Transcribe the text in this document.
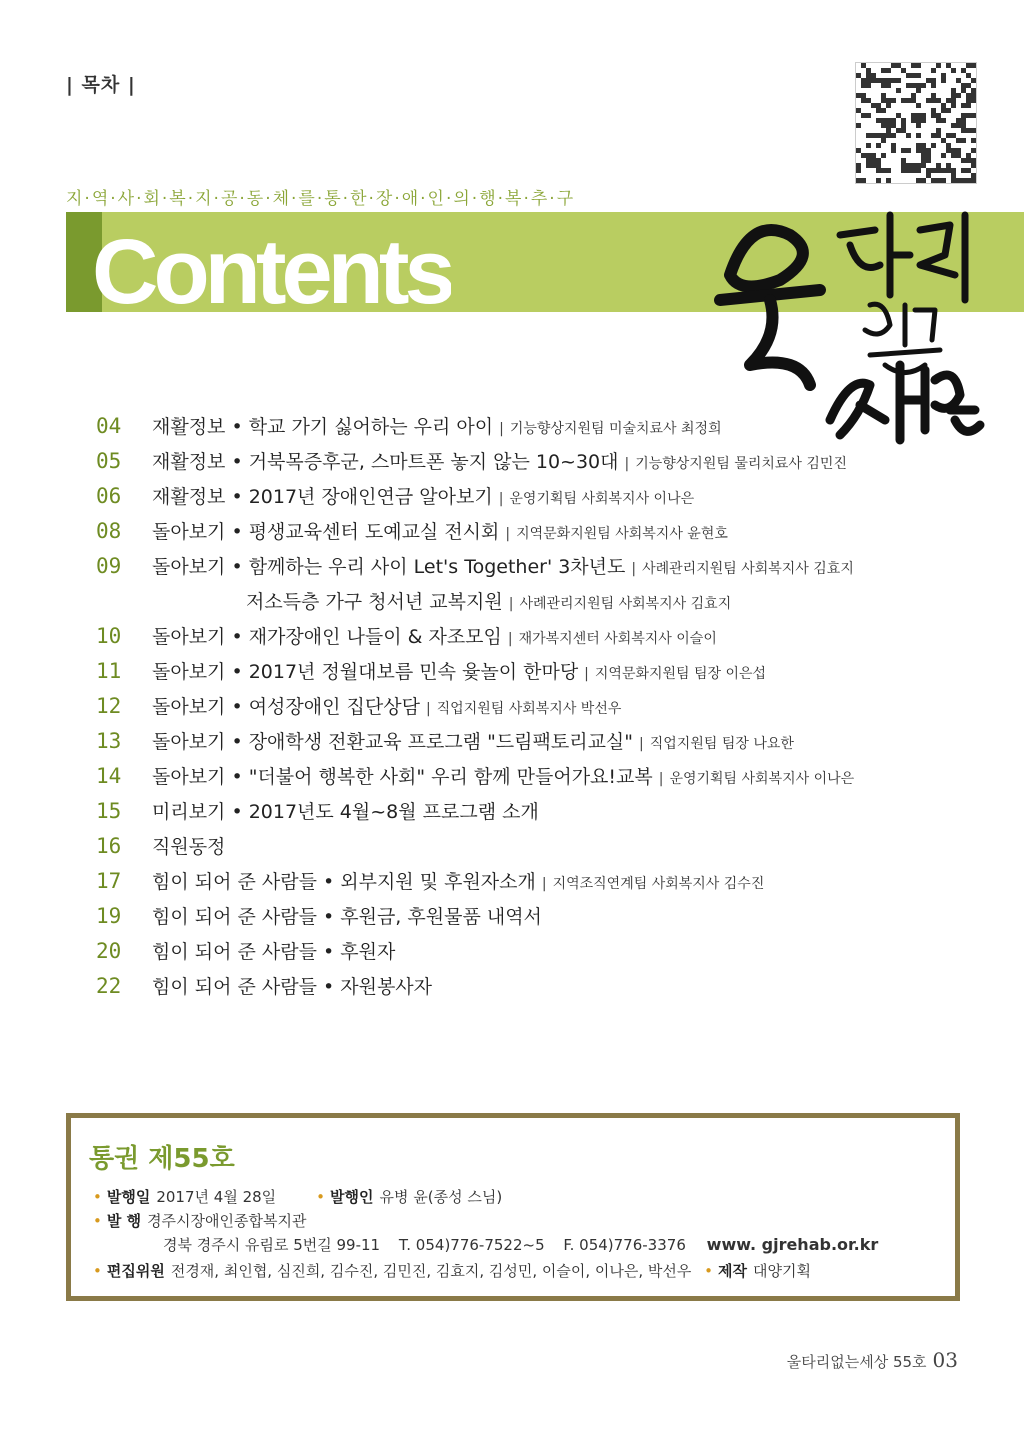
| 목차 |
지·역·사·회·복·지·공·동·체·를·통·한·장·애·인·의·행·복·추·구
Contents
04	재활정보 • 학교 가기 싫어하는 우리 아이 | 기능향상지원팀 미술치료사 최정희
05	재활정보 • 거북목증후군, 스마트폰 놓지 않는 10~30대 | 기능향상지원팀 물리치료사 김민진
06	재활정보 • 2017년 장애인연금 알아보기 | 운영기획팀 사회복지사 이나은
08	돌아보기 • 평생교육센터 도예교실 전시회 | 지역문화지원팀 사회복지사 윤현호
09	돌아보기 • 함께하는 우리 사이 Let's Together' 3차년도 | 사례관리지원팀 사회복지사 김효지
저소득층 가구 청서년 교복지원 | 사례관리지원팀 사회복지사 김효지
10	돌아보기 • 재가장애인 나들이 & 자조모임 | 재가복지센터 사회복지사 이슬이
11	돌아보기 • 2017년 정월대보름 민속 윷놀이 한마당 | 지역문화지원팀 팀장 이은섭
12	돌아보기 • 여성장애인 집단상담 | 직업지원팀 사회복지사 박선우
13	돌아보기 • 장애학생 전환교육 프로그램 "드림팩토리교실" | 직업지원팀 팀장 나요한
14	돌아보기 • "더불어 행복한 사회" 우리 함께 만들어가요!교복 | 운영기획팀 사회복지사 이나은
15	미리보기 • 2017년도 4월~8월 프로그램 소개
16	직원동정
17	힘이 되어 준 사람들 • 외부지원 및 후원자소개 | 지역조직연계팀 사회복지사 김수진
19	힘이 되어 준 사람들 • 후원금, 후원물품 내역서
20	힘이 되어 준 사람들 • 후원자
22	힘이 되어 준 사람들 • 자원봉사자
통권 제55호
• 발행일 2017년 4월 28일	• 발행인 유병 윤(종성 스님)
• 발 행 경주시장애인종합복지관
경북 경주시 유림로 5번길 99-11 T. 054)776-7522~5 F. 054)776-3376 www. gjrehab.or.kr
• 편집위원 전경재, 최인협, 심진희, 김수진, 김민진, 김효지, 김성민, 이슬이, 이나은, 박선우 • 제작 대양기획
울타리없는세상 55호 03
